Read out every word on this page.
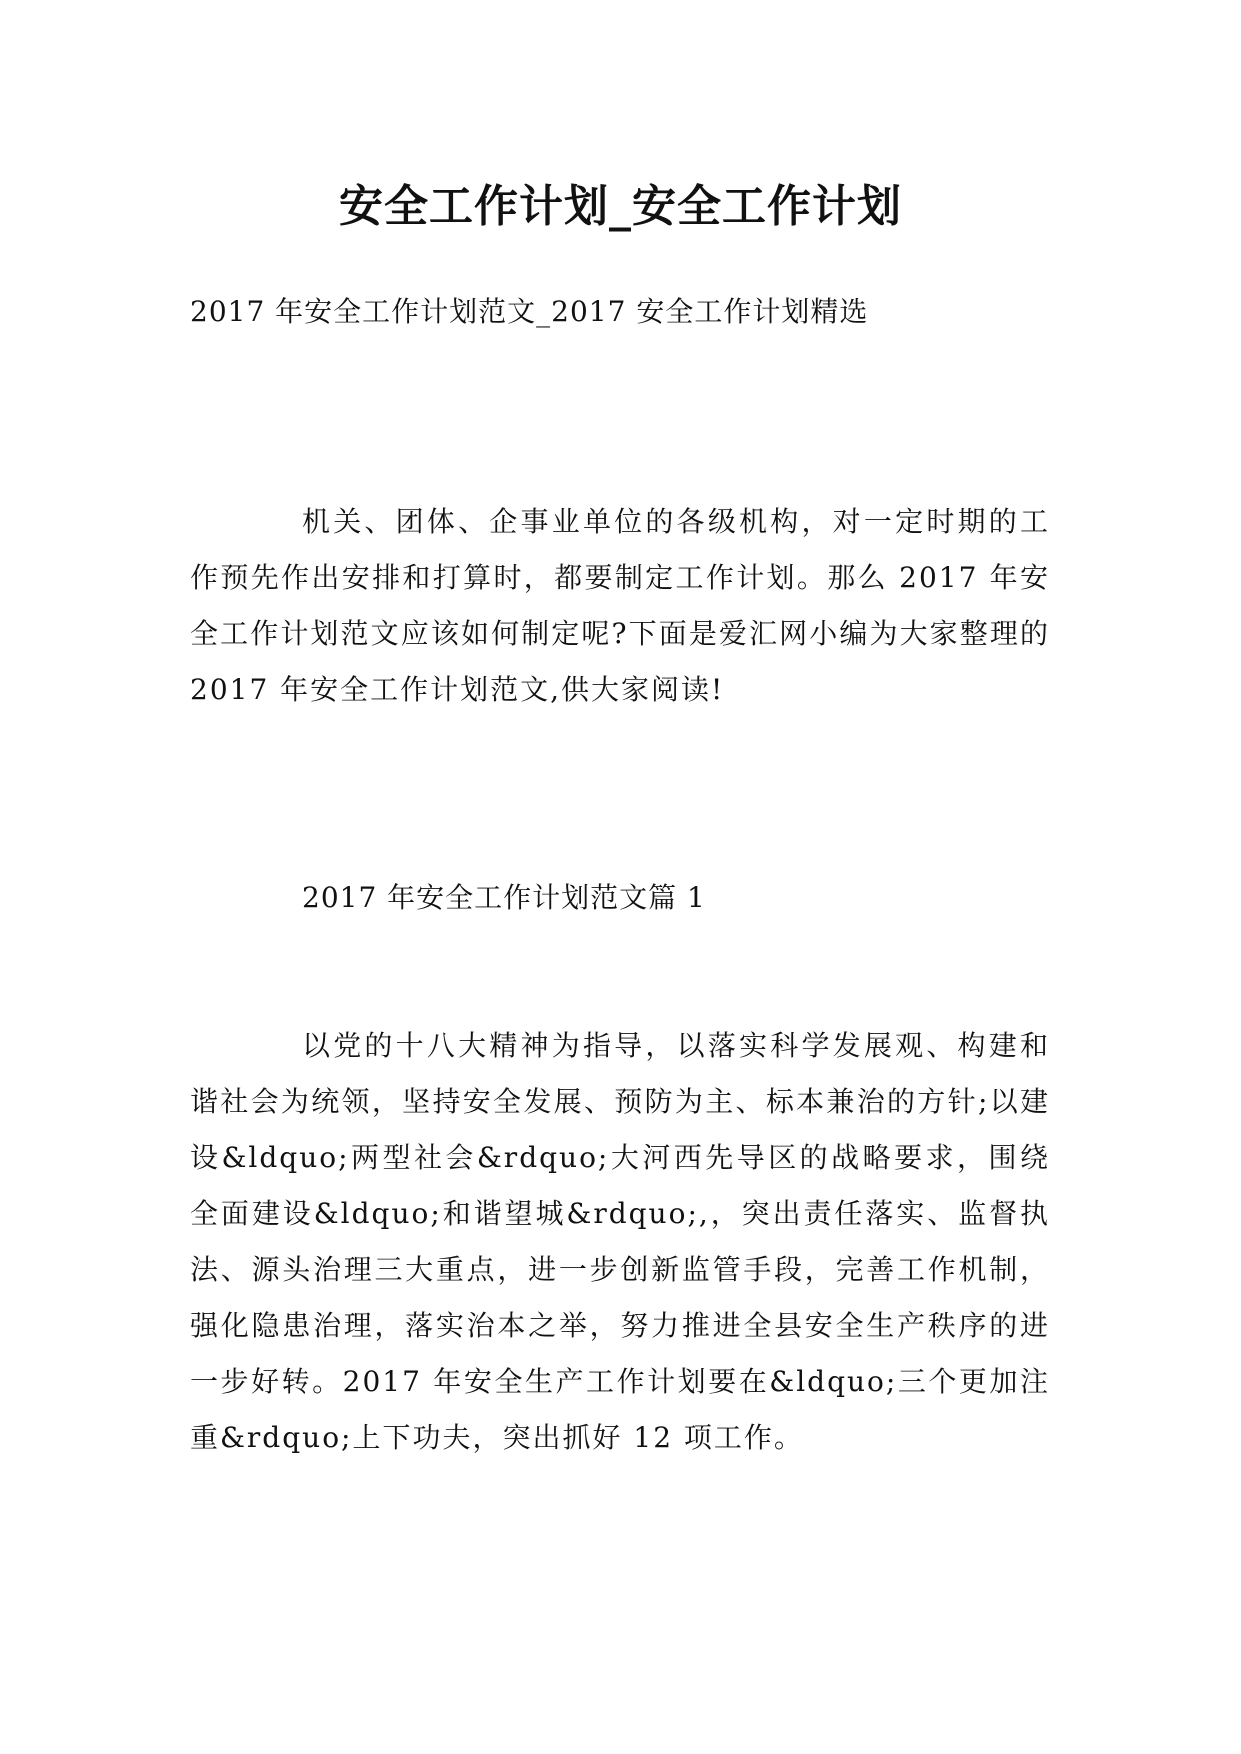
安全工作计划_安全工作计划
2017 年安全工作计划范文_2017 安全工作计划精选

机关、团体、企事业单位的各级机构，对一定时期的工作预先作出安排和打算时，都要制定工作计划。那么 2017 年安全工作计划范文应该如何制定呢?下面是爱汇网小编为大家整理的 2017 年安全工作计划范文,供大家阅读!

2017 年安全工作计划范文篇 1

以党的十八大精神为指导，以落实科学发展观、构建和谐社会为统领，坚持安全发展、预防为主、标本兼治的方针;以建设&ldquo;两型社会&rdquo;大河西先导区的战略要求，围绕全面建设&ldquo;和谐望城&rdquo;,，突出责任落实、监督执法、源头治理三大重点，进一步创新监管手段，完善工作机制，强化隐患治理，落实治本之举，努力推进全县安全生产秩序的进一步好转。2017 年安全生产工作计划要在&ldquo;三个更加注重&rdquo;上下功夫，突出抓好 12 项工作。
